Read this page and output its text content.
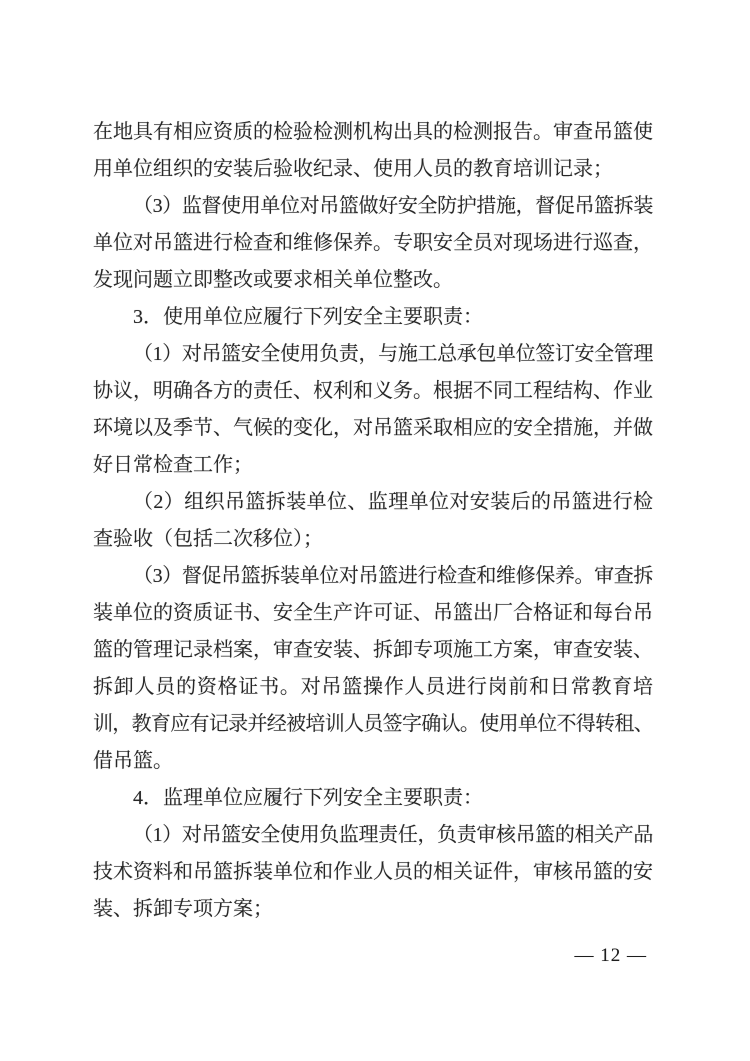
在地具有相应资质的检验检测机构出具的检测报告。审查吊篮使
用单位组织的安装后验收纪录、使用人员的教育培训记录；
（3）监督使用单位对吊篮做好安全防护措施，督促吊篮拆装
单位对吊篮进行检查和维修保养。专职安全员对现场进行巡查，
发现问题立即整改或要求相关单位整改。
3．使用单位应履行下列安全主要职责：
（1）对吊篮安全使用负责，与施工总承包单位签订安全管理
协议，明确各方的责任、权利和义务。根据不同工程结构、作业
环境以及季节、气候的变化，对吊篮采取相应的安全措施，并做
好日常检查工作；
（2）组织吊篮拆装单位、监理单位对安装后的吊篮进行检
查验收（包括二次移位）；
（3）督促吊篮拆装单位对吊篮进行检查和维修保养。审查拆
装单位的资质证书、安全生产许可证、吊篮出厂合格证和每台吊
篮的管理记录档案，审查安装、拆卸专项施工方案，审查安装、
拆卸人员的资格证书。对吊篮操作人员进行岗前和日常教育培
训，教育应有记录并经被培训人员签字确认。使用单位不得转租、
借吊篮。
4．监理单位应履行下列安全主要职责：
（1）对吊篮安全使用负监理责任，负责审核吊篮的相关产品
技术资料和吊篮拆装单位和作业人员的相关证件，审核吊篮的安
装、拆卸专项方案；
— 12 —
